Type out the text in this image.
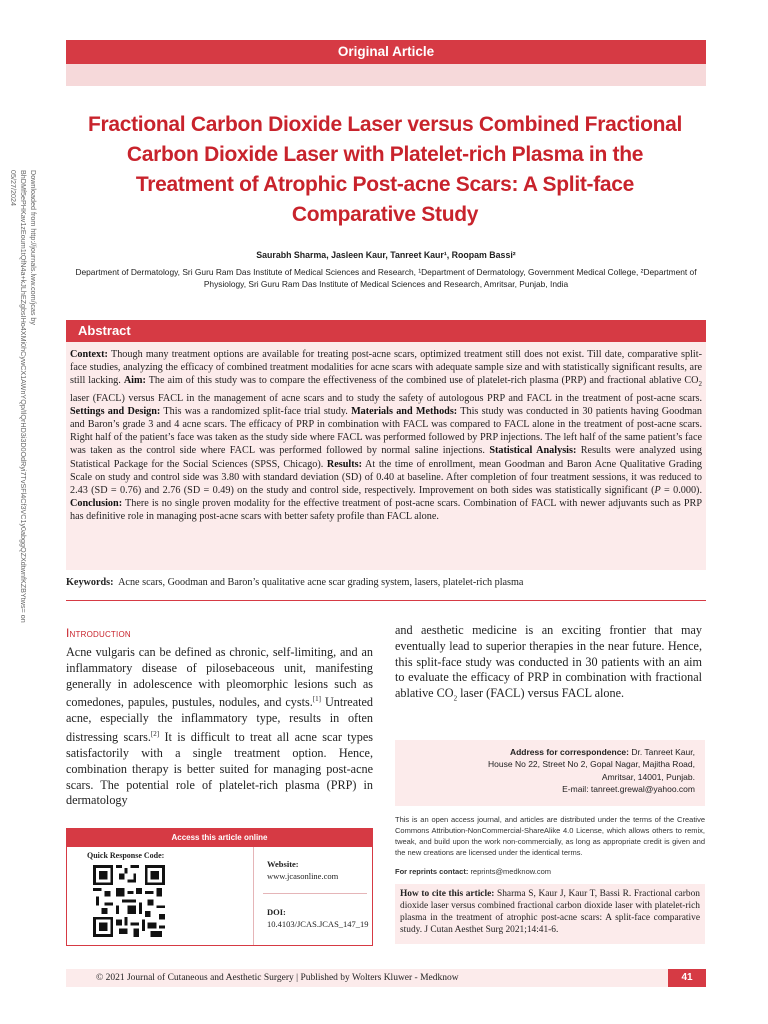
Downloaded from http://journals.lww.com/jcas by BhDMf5ePHKav1zEoum1tQfN4a+kJLhEZgbsIHo4XMi0hCywCX1AWnYQp/IlQrHD3i3D0OdRyi7TvSFl4Cf3VC1y0abggQZXdtwnfKZBYtws= on 05/27/2024
Original Article
Fractional Carbon Dioxide Laser versus Combined Fractional Carbon Dioxide Laser with Platelet-rich Plasma in the Treatment of Atrophic Post-acne Scars: A Split-face Comparative Study
Saurabh Sharma, Jasleen Kaur, Tanreet Kaur¹, Roopam Bassi²
Department of Dermatology, Sri Guru Ram Das Institute of Medical Sciences and Research, ¹Department of Dermatology, Government Medical College, ²Department of Physiology, Sri Guru Ram Das Institute of Medical Sciences and Research, Amritsar, Punjab, India
Abstract

Context: Though many treatment options are available for treating post-acne scars, optimized treatment still does not exist. Till date, comparative split-face studies, analyzing the efficacy of combined treatment modalities for acne scars with adequate sample size and with statistically significant results, are still lacking. Aim: The aim of this study was to compare the effectiveness of the combined use of platelet-rich plasma (PRP) and fractional ablative $CO_2$ laser (FACL) versus FACL in the management of acne scars and to study the safety of autologous PRP and FACL in the treatment of post-acne scars. Settings and Design: This was a randomized split-face trial study. Materials and Methods: This study was conducted in 30 patients having Goodman and Baron’s grade 3 and 4 acne scars. The efficacy of PRP in combination with FACL was compared to FACL alone in the treatment of post-acne scars. Right half of the patient’s face was taken as the study side where FACL was performed followed by PRP injections. The left half of the same patient’s face was taken as the control side where FACL was performed followed by normal saline injections. Statistical Analysis: Results were analyzed using Statistical Package for the Social Sciences (SPSS, Chicago). Results: At the time of enrollment, mean Goodman and Baron Acne Qualitative Grading Scale on study and control side was 3.80 with standard deviation (SD) of 0.40 at baseline. After completion of four treatment sessions, it was reduced to 2.43 (SD = 0.76) and 2.76 (SD = 0.49) on the study and control side, respectively. Improvement on both sides was statistically significant (P = 0.000). Conclusion: There is no single proven modality for the effective treatment of post-acne scars. Combination of FACL with newer adjuvants such as PRP has definitive role in managing post-acne scars with better safety profile than FACL alone.

Keywords: Acne scars, Goodman and Baron’s qualitative acne scar grading system, lasers, platelet-rich plasma
Introduction

Acne vulgaris can be defined as chronic, self-limiting, and an inflammatory disease of pilosebaceous unit, manifesting generally in adolescence with pleomorphic lesions such as comedones, papules, pustules, nodules, and cysts.[1] Untreated acne, especially the inflammatory type, results in often distressing scars.[2] It is difficult to treat all acne scar types satisfactorily with a single treatment option. Hence, combination therapy is better suited for managing post-acne scars. The potential role of platelet-rich plasma (PRP) in dermatology

and aesthetic medicine is an exciting frontier that may eventually lead to superior therapies in the near future. Hence, this split-face study was conducted in 30 patients with an aim to evaluate the efficacy of PRP in combination with fractional ablative $CO_2$ laser (FACL) versus FACL alone.

Address for correspondence: Dr. Tanreet Kaur,
House No 22, Street No 2, Gopal Nagar, Majitha Road,
Amritsar, 14001, Punjab.
E-mail: tanreet.grewal@yahoo.com

This is an open access journal, and articles are distributed under the terms of the Creative Commons Attribution-NonCommercial-ShareAlike 4.0 License, which allows others to remix, tweak, and build upon the work non-commercially, as long as appropriate credit is given and the new creations are licensed under the identical terms.

For reprints contact: reprints@medknow.com
How to cite this article: Sharma S, Kaur J, Kaur T, Bassi R. Fractional carbon dioxide laser versus combined fractional carbon dioxide laser with platelet-rich plasma in the treatment of atrophic post-acne scars: A split-face comparative study. J Cutan Aesthet Surg 2021;14:41-6.
Access this article online
Quick Response Code:
Website:
www.jcasonline.com
DOI:
10.4103/JCAS.JCAS_147_19
© 2021 Journal of Cutaneous and Aesthetic Surgery | Published by Wolters Kluwer - Medknow	41
